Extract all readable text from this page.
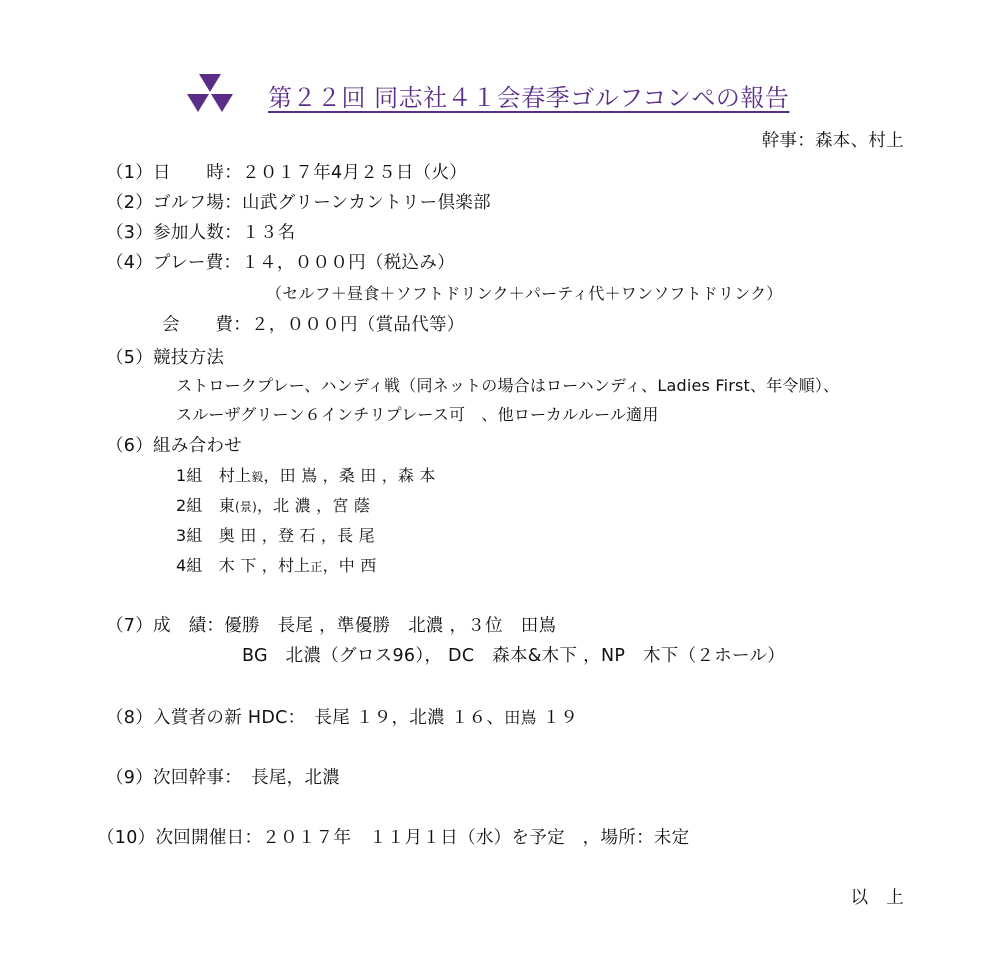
第２２回 同志社４１会春季ゴルフコンペの報告
幹事：森本、村上
（1）日　　時：２０１７年4月２５日（火）
（2）ゴルフ場：山武グリーンカントリー倶楽部
（3）参加人数：１３名
（4）プレー費：１４，０００円（税込み）
（セルフ＋昼食＋ソフトドリンク＋パーティ代＋ワンソフトドリンク）
会　　費：２，０００円（賞品代等）
（5）競技方法
ストロークプレー、ハンディ戦（同ネットの場合はローハンディ、Ladies First、年令順）、
スルーザグリーン６インチリプレース可　、他ローカルルール適用
（6）組み合わせ
1組　村上毅，田 嶌 ，桑 田 ，森 本
2組　東(景)，北 濃 ，宮 蔭
3組　奥 田 ，登 石 ，長 尾
4組　木 下 ，村上正，中 西
（7）成　績：優勝　長尾 ，準優勝　北濃 ，３位　田嶌
BG　北濃（グロス96）， DC　森本&木下 ，NP　木下（２ホール）
（8）入賞者の新 HDC：　長尾 １９，北濃 １６、田嶌 １９
（9）次回幹事：　長尾，北濃
（10）次回開催日：２０１７年　１１月１日（水）を予定　，場所：未定
以　上
